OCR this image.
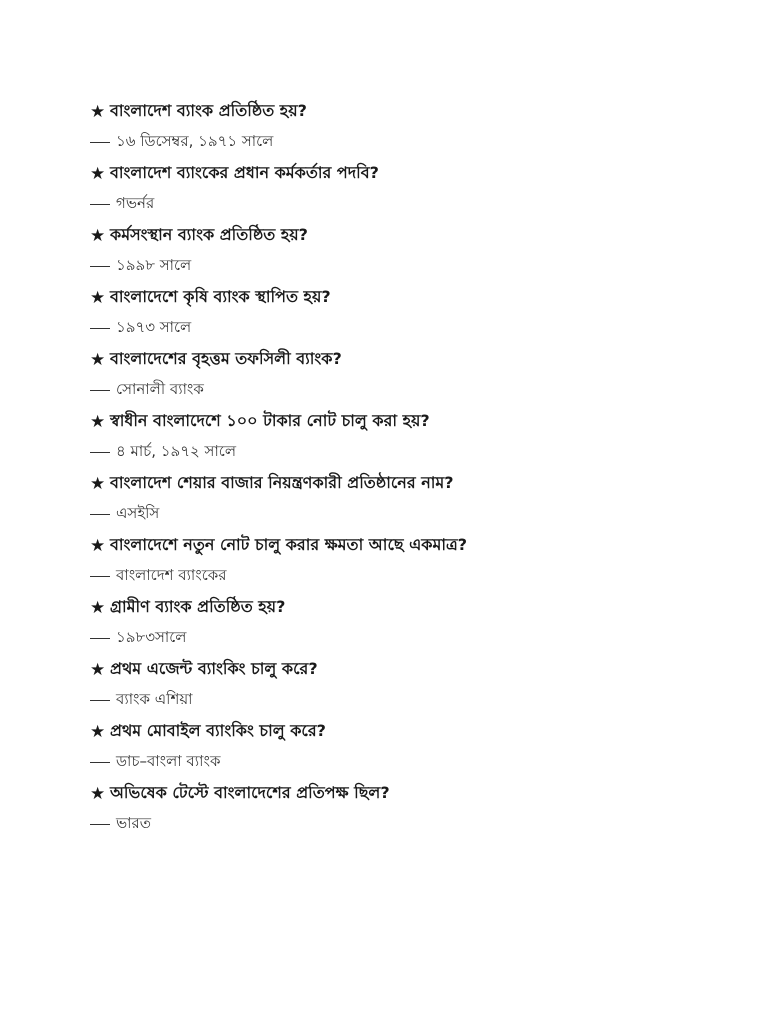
★ বাংলাদেশ ব্যাংক প্রতিষ্ঠিত হয়?
১৬ ডিসেম্বর, ১৯৭১ সালে
★ বাংলাদেশ ব্যাংকের প্রধান কর্মকর্তার পদবি?
গভর্নর
★ কর্মসংস্থান ব্যাংক প্রতিষ্ঠিত হয়?
১৯৯৮ সালে
★ বাংলাদেশে কৃষি ব্যাংক স্থাপিত হয়?
১৯৭৩ সালে
★ বাংলাদেশের বৃহত্তম তফসিলী ব্যাংক?
সোনালী ব্যাংক
★ স্বাধীন বাংলাদেশে ১০০ টাকার নোট চালু করা হয়?
৪ মার্চ, ১৯৭২ সালে
★ বাংলাদেশ শেয়ার বাজার নিয়ন্ত্রণকারী প্রতিষ্ঠানের নাম?
এসইসি
★ বাংলাদেশে নতুন নোট চালু করার ক্ষমতা আছে একমাত্র?
বাংলাদেশ ব্যাংকের
★ গ্রামীণ ব্যাংক প্রতিষ্ঠিত হয়?
১৯৮৩সালে
★ প্রথম এজেন্ট ব্যাংকিং চালু করে?
ব্যাংক এশিয়া
★ প্রথম মোবাইল ব্যাংকিং চালু করে?
ডাচ–বাংলা ব্যাংক
★ অভিষেক টেস্টে বাংলাদেশের প্রতিপক্ষ ছিল?
ভারত
